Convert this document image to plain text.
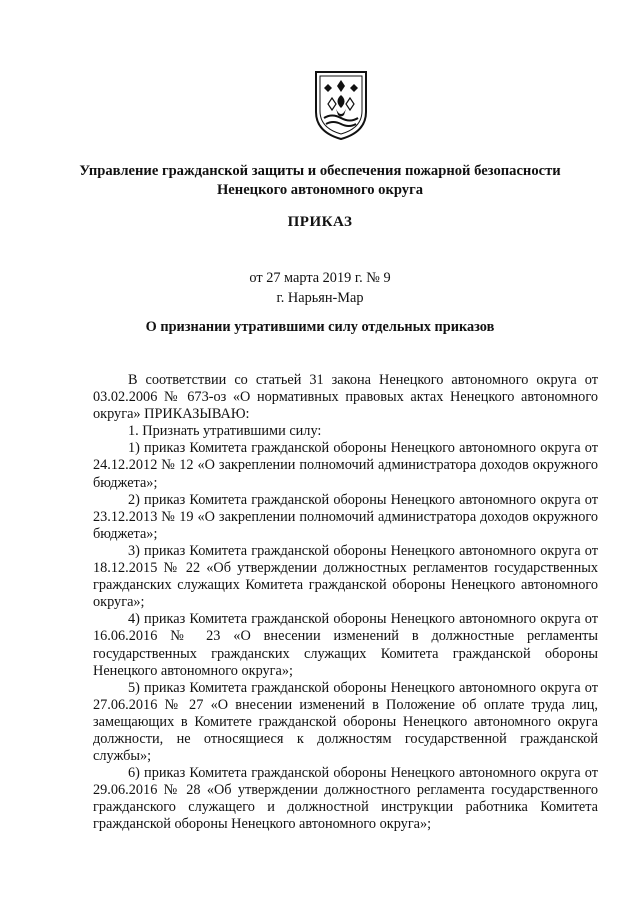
Управление гражданской защиты и обеспечения пожарной безопасности
Ненецкого автономного округа
ПРИКАЗ
от 27 марта 2019 г. № 9
г. Нарьян-Мар
О признании утратившими силу отдельных приказов

В соответствии со статьей 31 закона Ненецкого автономного округа от 03.02.2006 № 673-оз «О нормативных правовых актах Ненецкого автономного округа» ПРИКАЗЫВАЮ:

1. Признать утратившими силу:

1) приказ Комитета гражданской обороны Ненецкого автономного округа от 24.12.2012 № 12 «О закреплении полномочий администратора доходов окружного бюджета»;

2) приказ Комитета гражданской обороны Ненецкого автономного округа от 23.12.2013 № 19 «О закреплении полномочий администратора доходов окружного бюджета»;

3) приказ Комитета гражданской обороны Ненецкого автономного округа от 18.12.2015 № 22 «Об утверждении должностных регламентов государственных гражданских служащих Комитета гражданской обороны Ненецкого автономного округа»;

4) приказ Комитета гражданской обороны Ненецкого автономного округа от 16.06.2016 № 23 «О внесении изменений в должностные регламенты государственных гражданских служащих Комитета гражданской обороны Ненецкого автономного округа»;

5) приказ Комитета гражданской обороны Ненецкого автономного округа от 27.06.2016 № 27 «О внесении изменений в Положение об оплате труда лиц, замещающих в Комитете гражданской обороны Ненецкого автономного округа должности, не относящиеся к должностям государственной гражданской службы»;

6) приказ Комитета гражданской обороны Ненецкого автономного округа от 29.06.2016 № 28 «Об утверждении должностного регламента государственного гражданского служащего и должностной инструкции работника Комитета гражданской обороны Ненецкого автономного округа»;
